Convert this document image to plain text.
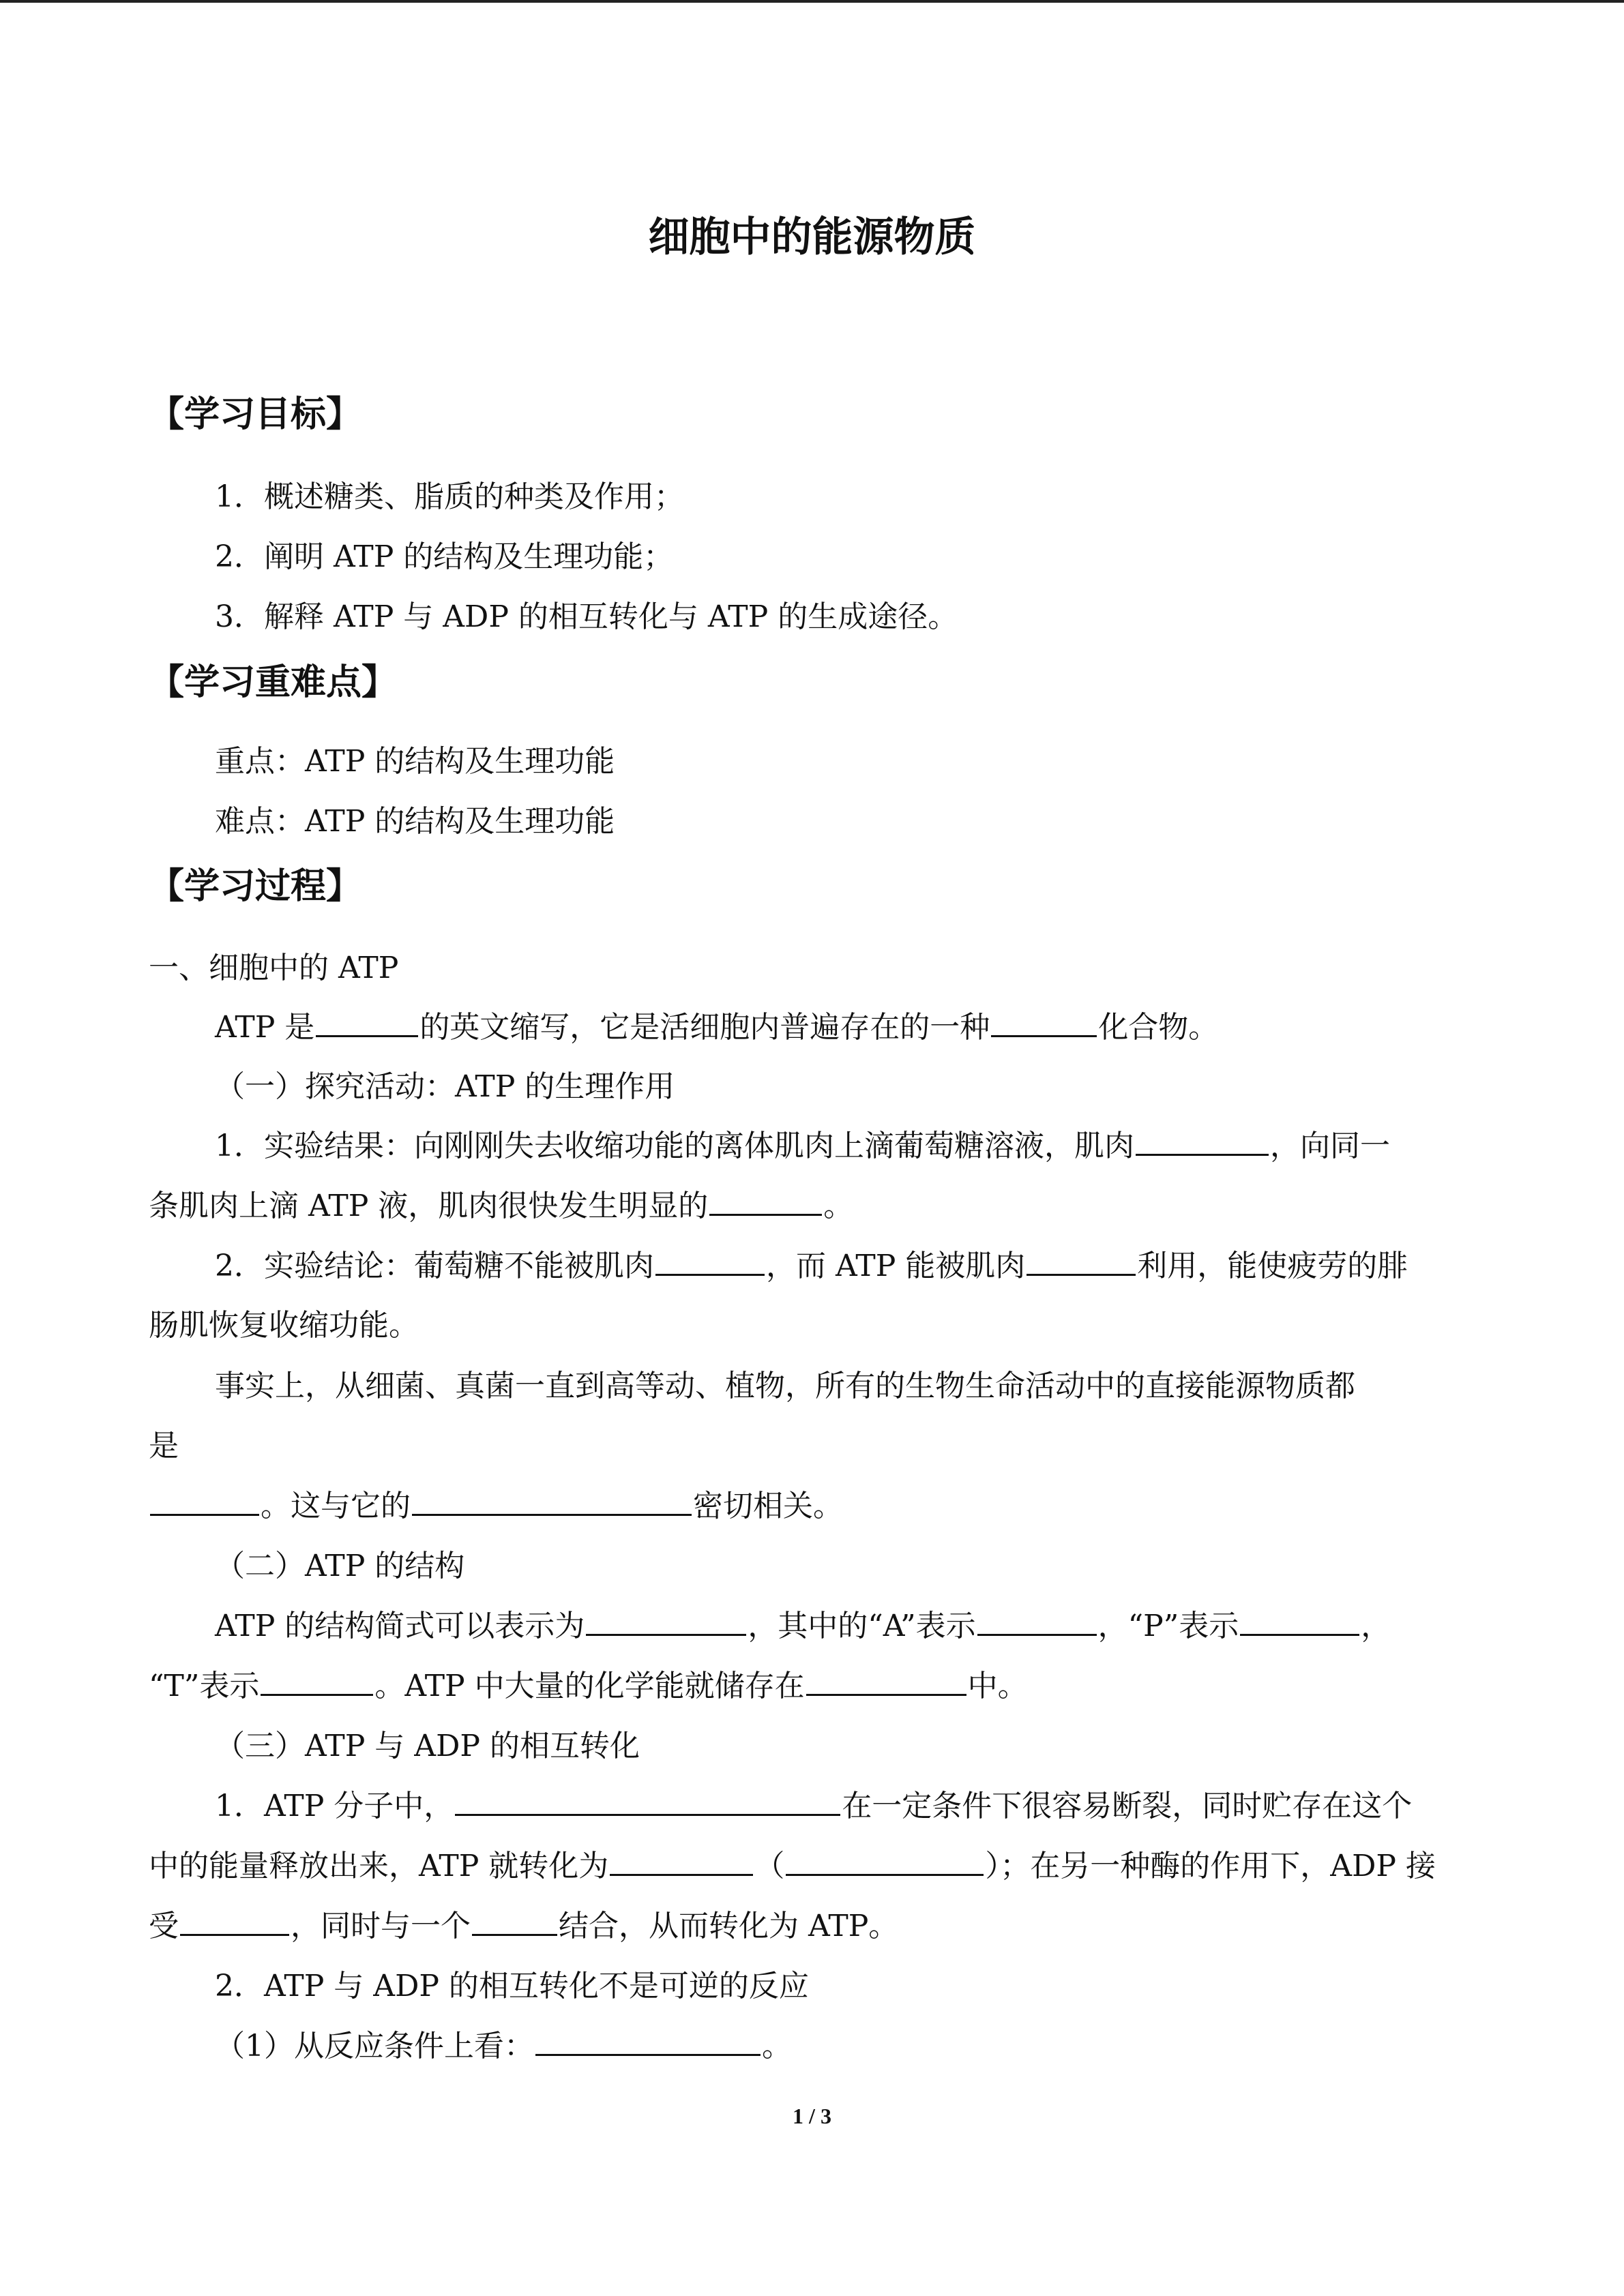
细胞中的能源物质
【学习目标】
1．概述糖类、脂质的种类及作用；
2．阐明 ATP 的结构及生理功能；
3．解释 ATP 与 ADP 的相互转化与 ATP 的生成途径。
【学习重难点】
重点：ATP 的结构及生理功能
难点：ATP 的结构及生理功能
【学习过程】
一、细胞中的 ATP
ATP 是	的英文缩写，它是活细胞内普遍存在的一种	化合物。
（一）探究活动：ATP 的生理作用
1．实验结果：向刚刚失去收缩功能的离体肌肉上滴葡萄糖溶液，肌肉	，向同一
条肌肉上滴 ATP 液，肌肉很快发生明显的	。
2．实验结论：葡萄糖不能被肌肉	，而 ATP 能被肌肉	利用，能使疲劳的腓
肠肌恢复收缩功能。
事实上，从细菌、真菌一直到高等动、植物，所有的生物生命活动中的直接能源物质都
是
。这与它的	密切相关。
（二）ATP 的结构
ATP 的结构简式可以表示为	，其中的“A”表示	，“P”表示	，
“T”表示	。ATP 中大量的化学能就储存在	中。
（三）ATP 与 ADP 的相互转化
1．ATP 分子中，	在一定条件下很容易断裂，同时贮存在这个
中的能量释放出来，ATP 就转化为	（	）；在另一种酶的作用下，ADP 接
受	，同时与一个	结合，从而转化为 ATP。
2．ATP 与 ADP 的相互转化不是可逆的反应
（1）从反应条件上看：	。
1 / 3
